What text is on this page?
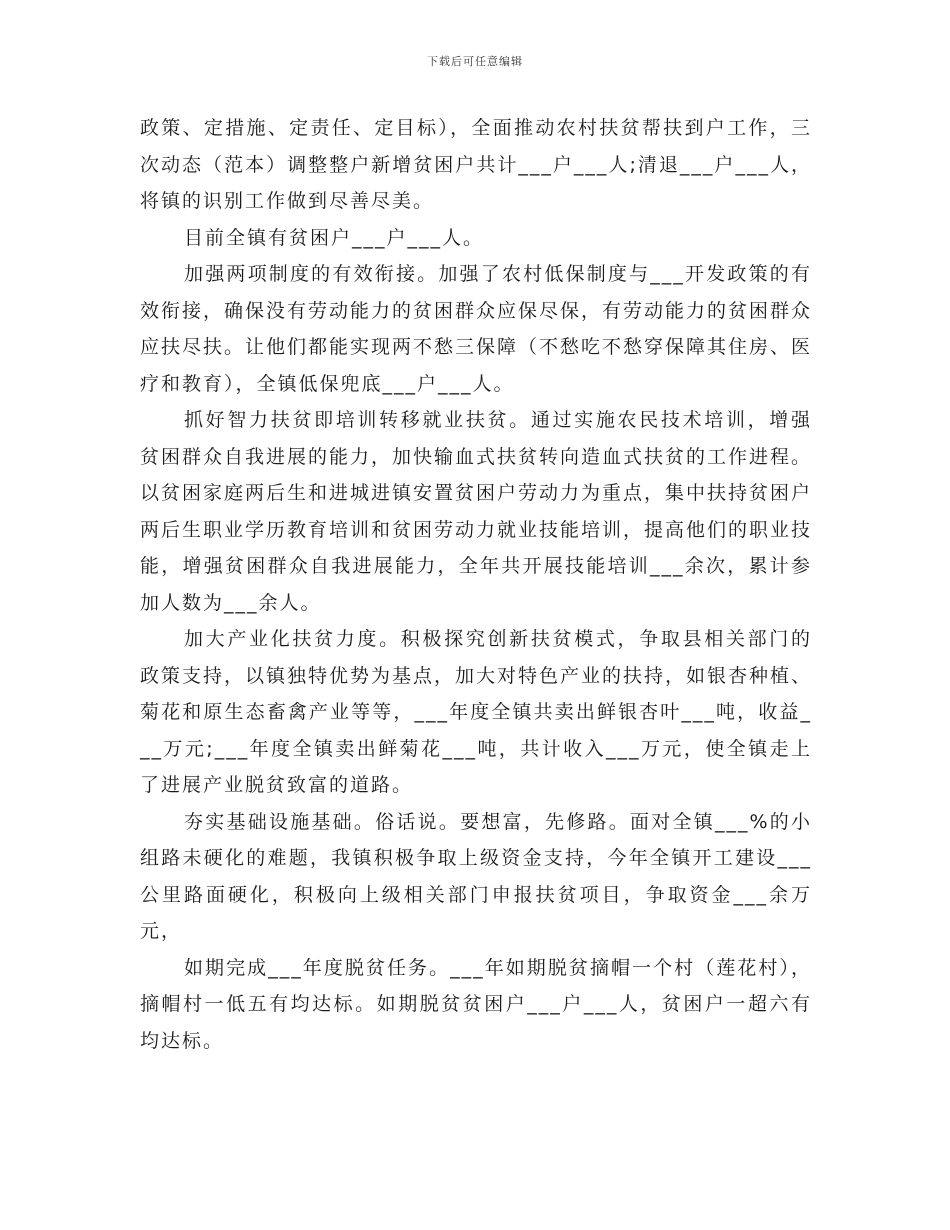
下载后可任意编辑

政策、定措施、定责任、定目标），全面推动农村扶贫帮扶到户工作，三次动态（范本）调整整户新增贫困户共计___户___人;清退___户___人，将镇的识别工作做到尽善尽美。

目前全镇有贫困户___户___人。

加强两项制度的有效衔接。加强了农村低保制度与___开发政策的有效衔接，确保没有劳动能力的贫困群众应保尽保，有劳动能力的贫困群众应扶尽扶。让他们都能实现两不愁三保障（不愁吃不愁穿保障其住房、医疗和教育），全镇低保兜底___户___人。

抓好智力扶贫即培训转移就业扶贫。通过实施农民技术培训，增强贫困群众自我进展的能力，加快输血式扶贫转向造血式扶贫的工作进程。以贫困家庭两后生和进城进镇安置贫困户劳动力为重点，集中扶持贫困户两后生职业学历教育培训和贫困劳动力就业技能培训，提高他们的职业技能，增强贫困群众自我进展能力，全年共开展技能培训___余次，累计参加人数为___余人。

加大产业化扶贫力度。积极探究创新扶贫模式，争取县相关部门的政策支持，以镇独特优势为基点，加大对特色产业的扶持，如银杏种植、菊花和原生态畜禽产业等等，___年度全镇共卖出鲜银杏叶___吨，收益___万元;___年度全镇卖出鲜菊花___吨，共计收入___万元，使全镇走上了进展产业脱贫致富的道路。

夯实基础设施基础。俗话说。要想富，先修路。面对全镇___%的小组路未硬化的难题，我镇积极争取上级资金支持，今年全镇开工建设___公里路面硬化，积极向上级相关部门申报扶贫项目，争取资金___余万元，

如期完成___年度脱贫任务。___年如期脱贫摘帽一个村（莲花村），摘帽村一低五有均达标。如期脱贫贫困户___户___人，贫困户一超六有均达标。
